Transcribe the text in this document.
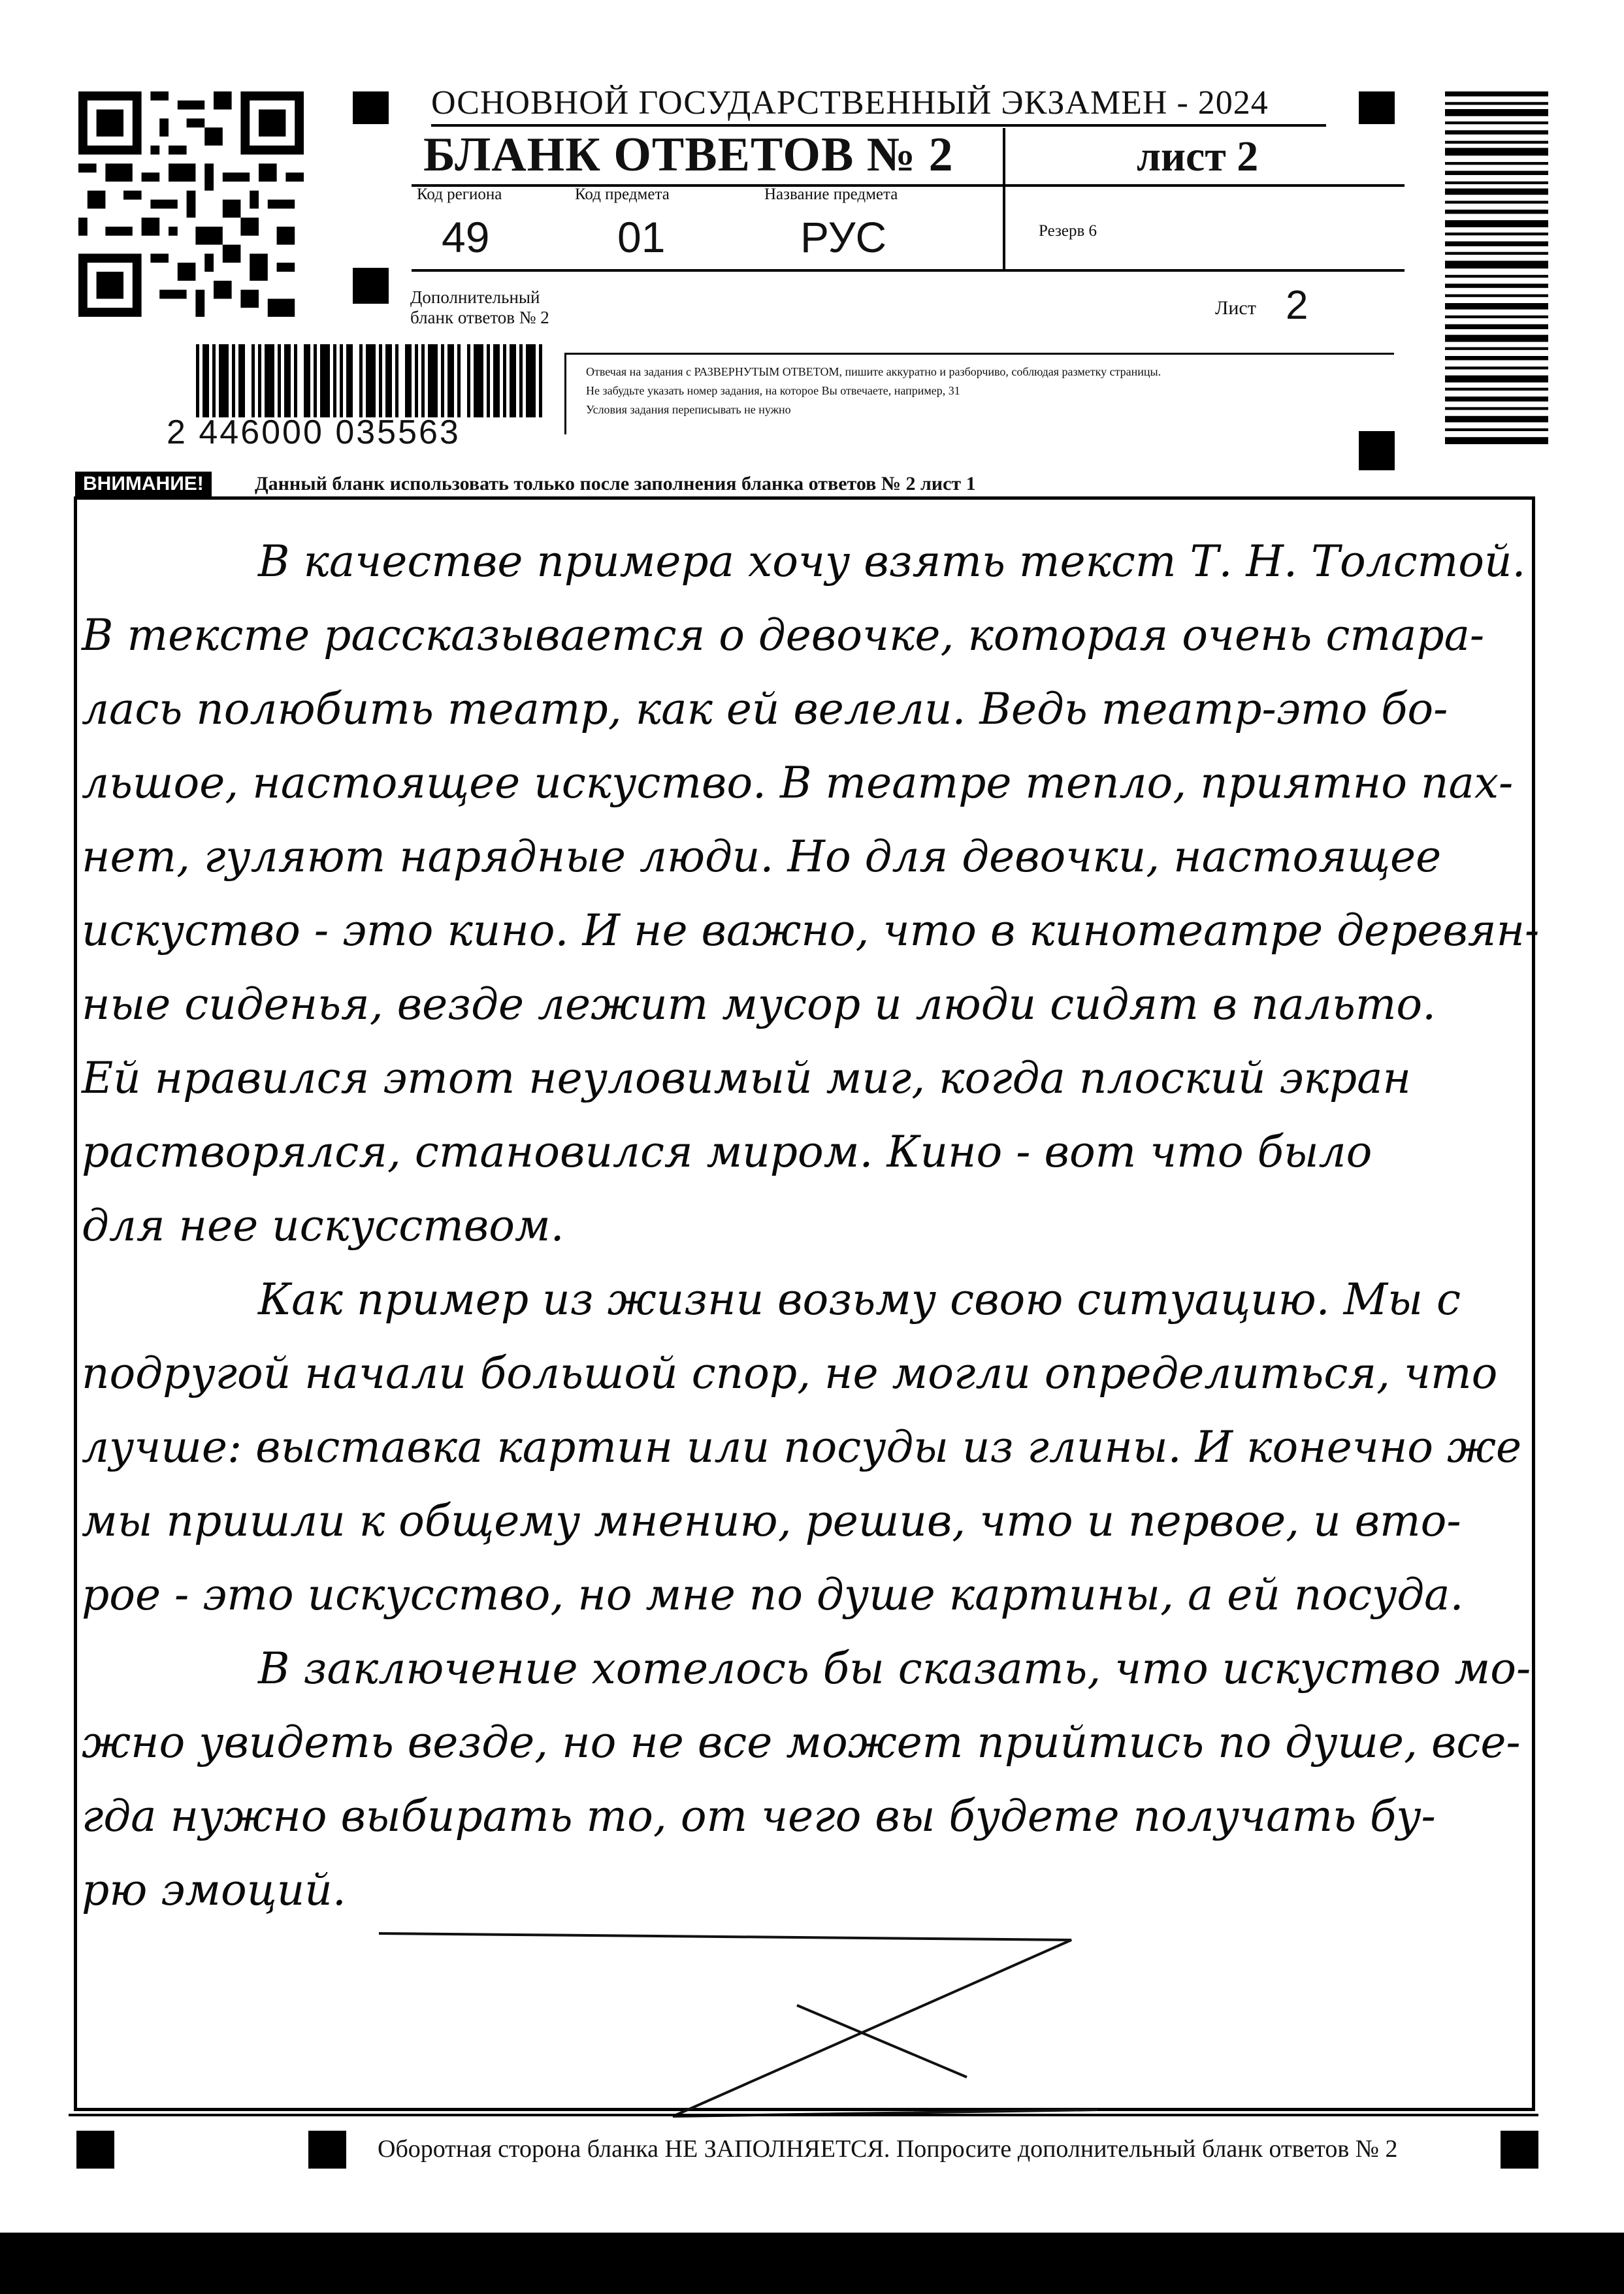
ОСНОВНОЙ ГОСУДАРСТВЕННЫЙ ЭКЗАМЕН - 2024
БЛАНК ОТВЕТОВ № 2	лист 2
Код региона	Код предмета	Название предмета
49	01	РУС	Резерв 6
Дополнительный
бланк ответов № 2	Лист 2
2 446000 035563
Отвечая на задания с РАЗВЕРНУТЫМ ОТВЕТОМ, пишите аккуратно и разборчиво, соблюдая разметку страницы.
Не забудьте указать номер задания, на которое Вы отвечаете, например, 31
Условия задания переписывать не нужно
ВНИМАНИЕ!	Данный бланк использовать только после заполнения бланка ответов № 2 лист 1
В качестве примера хочу взять текст Т. Н. Толстой.
В тексте рассказывается о девочке, которая очень стара-
лась полюбить театр, как ей велели. Ведь театр-это бо-
льшое, настоящее искуство. В театре тепло, приятно пах-
нет, гуляют нарядные люди. Но для девочки, настоящее
искуство - это кино. И не важно, что в кинотеатре деревян-
ные сиденья, везде лежит мусор и люди сидят в пальто.
Ей нравился этот неуловимый миг, когда плоский экран
растворялся, становился миром. Кино - вот что было
для нее искусством.
Как пример из жизни возьму свою ситуацию. Мы с
подругой начали большой спор, не могли определиться, что
лучше: выставка картин или посуды из глины. И конечно же
мы пришли к общему мнению, решив, что и первое, и вто-
рое - это искусство, но мне по душе картины, а ей посуда.
В заключение хотелось бы сказать, что искуство мо-
жно увидеть везде, но не все может прийтись по душе, все-
гда нужно выбирать то, от чего вы будете получать бу-
рю эмоций.
Оборотная сторона бланка НЕ ЗАПОЛНЯЕТСЯ. Попросите дополнительный бланк ответов № 2
